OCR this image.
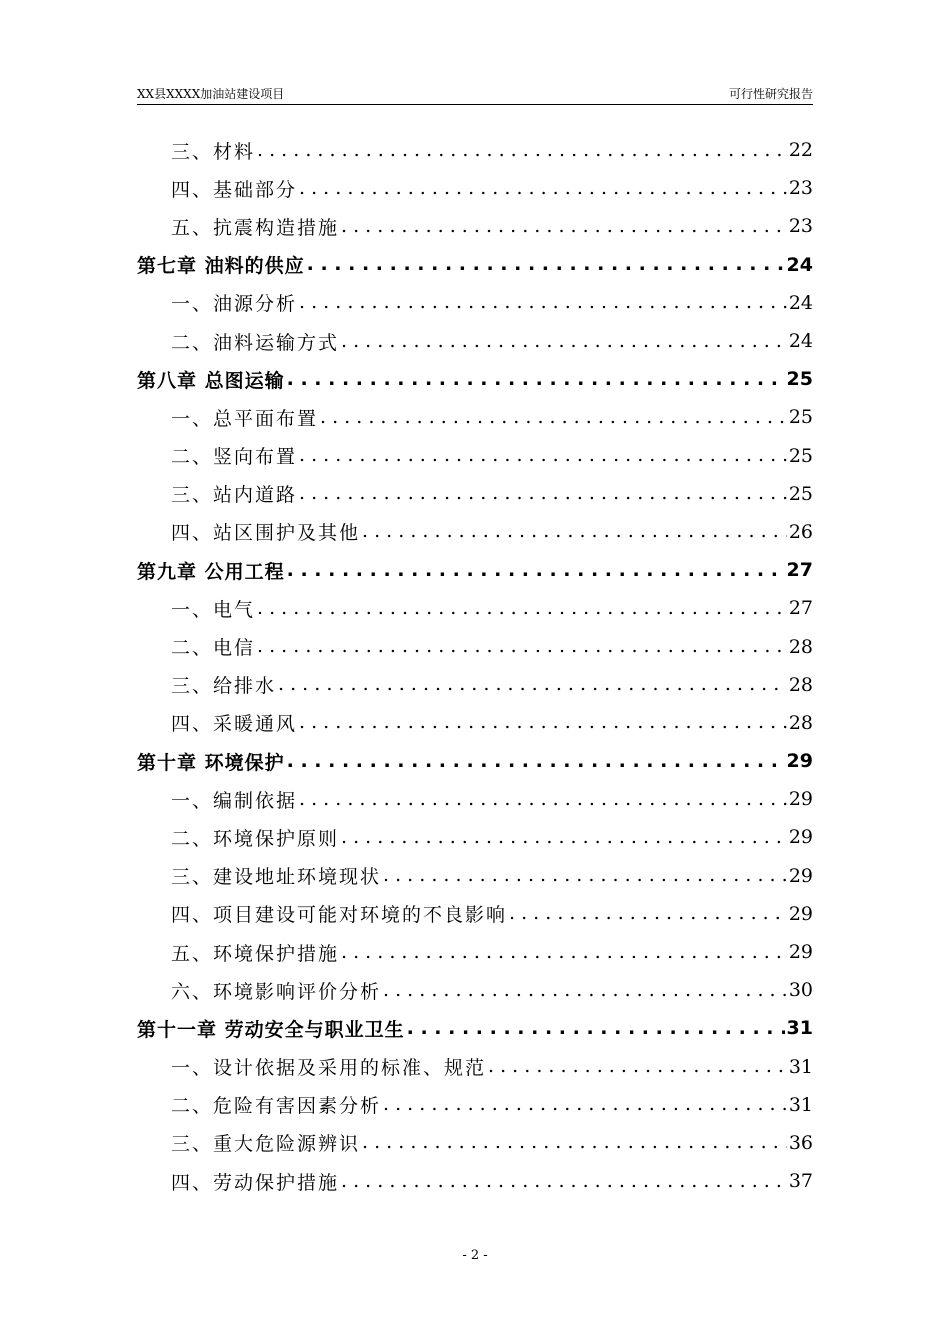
XX县XXXX加油站建设项目	可行性研究报告
三、材料 . . .	22
四、基础部分 . . .	23
五、抗震构造措施 . . .	23
第七章 油料的供应 . . .	24
一、油源分析 . . .	24
二、油料运输方式 . . .	24
第八章 总图运输 . . .	25
一、总平面布置 . . .	25
二、竖向布置 . . .	25
三、站内道路 . . .	25
四、站区围护及其他 . . .	26
第九章 公用工程 . . .	27
一、电气 . . .	27
二、电信 . . .	28
三、给排水 . . .	28
四、采暖通风 . . .	28
第十章 环境保护 . . .	29
一、编制依据 . . .	29
二、环境保护原则 . . .	29
三、建设地址环境现状 . . .	29
四、项目建设可能对环境的不良影响 . . .	29
五、环境保护措施 . . .	29
六、环境影响评价分析 . . .	30
第十一章 劳动安全与职业卫生 . . .	31
一、设计依据及采用的标准、规范 . . .	31
二、危险有害因素分析 . . .	31
三、重大危险源辨识 . . .	36
四、劳动保护措施 . . .	37
- 2 -
